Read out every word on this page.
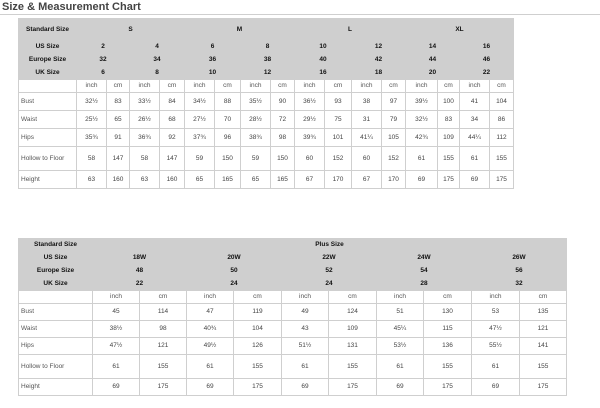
Size & Measurement Chart
Standard Size	S				M				L				XL			
US Size	2		4		6		8		10		12		14		16	
Europe Size	32		34		36		38		40		42		44		46	
UK Size	6		8		10		12		16		18		20		22	
	inch	cm	inch	cm	inch	cm	inch	cm	inch	cm	inch	cm	inch	cm	inch	cm
Bust	32½	83	33½	84	34½	88	35½	90	36½	93	38	97	39½	100	41	104
Waist	25½	65	26½	68	27½	70	28½	72	29½	75	31	79	32½	83	34	86
Hips	35¾	91	36¾	92	37¾	96	38¾	98	39¾	101	41¼	105	42¾	109	44¼	112
Hollow to Floor	58	147	58	147	59	150	59	150	60	152	60	152	61	155	61	155
Height	63	160	63	160	65	165	65	165	67	170	67	170	69	175	69	175
Standard Size	Plus Size									
US Size	18W		20W		22W		24W		26W	
Europe Size	48		50		52		54		56	
UK Size	22		24		24		28		32	
	inch	cm	inch	cm	inch	cm	inch	cm	inch	cm
Bust	45	114	47	119	49	124	51	130	53	135
Waist	38½	98	40¾	104	43	109	45¼	115	47½	121
Hips	47½	121	49½	126	51½	131	53½	136	55½	141
Hollow to Floor	61	155	61	155	61	155	61	155	61	155
Height	69	175	69	175	69	175	69	175	69	175
